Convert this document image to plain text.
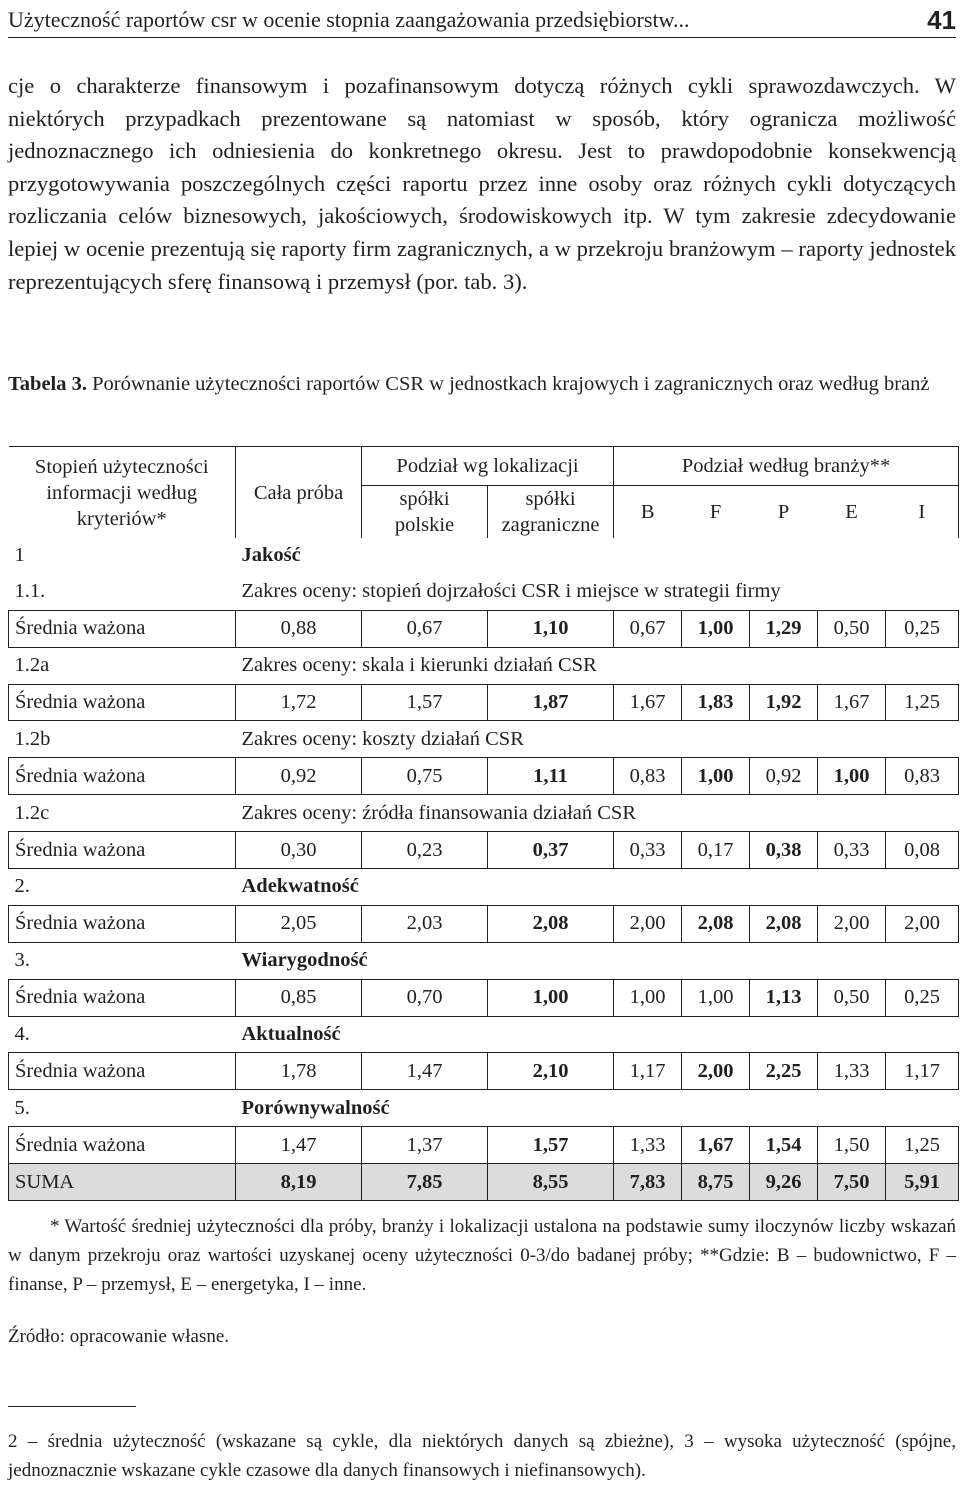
Użyteczność raportów csr w ocenie stopnia zaangażowania przedsiębiorstw...	41

cje o charakterze finansowym i pozafinansowym dotyczą różnych cykli sprawozdawczych. W niektórych przypadkach prezentowane są natomiast w sposób, który ogranicza możliwość jednoznacznego ich odniesienia do konkretnego okresu. Jest to prawdopodobnie konsekwencją przygotowywania poszczególnych części raportu przez inne osoby oraz różnych cykli dotyczących rozliczania celów biznesowych, jakościowych, środowiskowych itp. W tym zakresie zdecydowanie lepiej w ocenie prezentują się raporty firm zagranicznych, a w przekroju branżowym – raporty jednostek reprezentujących sferę finansową i przemysł (por. tab. 3).

Tabela 3. Porównanie użyteczności raportów CSR w jednostkach krajowych i zagranicznych oraz według branż

Stopień użyteczności informacji według kryteriów*	Cała próba	Podział wg lokalizacji		Podział według branży**				
		spółki polskie	spółki zagraniczne	B	F	P	E	I
1	Jakość							
1.1.	Zakres oceny: stopień dojrzałości CSR i miejsce w strategii firmy							
Średnia ważona	0,88	0,67	1,10	0,67	1,00	1,29	0,50	0,25
1.2a	Zakres oceny: skala i kierunki działań CSR							
Średnia ważona	1,72	1,57	1,87	1,67	1,83	1,92	1,67	1,25
1.2b	Zakres oceny: koszty działań CSR							
Średnia ważona	0,92	0,75	1,11	0,83	1,00	0,92	1,00	0,83
1.2c	Zakres oceny: źródła finansowania działań CSR							
Średnia ważona	0,30	0,23	0,37	0,33	0,17	0,38	0,33	0,08
2.	Adekwatność							
Średnia ważona	2,05	2,03	2,08	2,00	2,08	2,08	2,00	2,00
3.	Wiarygodność							
Średnia ważona	0,85	0,70	1,00	1,00	1,00	1,13	0,50	0,25
4.	Aktualność							
Średnia ważona	1,78	1,47	2,10	1,17	2,00	2,25	1,33	1,17
5.	Porównywalność							
Średnia ważona	1,47	1,37	1,57	1,33	1,67	1,54	1,50	1,25
SUMA	8,19	7,85	8,55	7,83	8,75	9,26	7,50	5,91

* Wartość średniej użyteczności dla próby, branży i lokalizacji ustalona na podstawie sumy iloczynów liczby wskazań w danym przekroju oraz wartości uzyskanej oceny użyteczności 0-3/do badanej próby; **Gdzie: B – budownictwo, F – finanse, P – przemysł, E – energetyka, I – inne.

Źródło: opracowanie własne.

2 – średnia użyteczność (wskazane są cykle, dla niektórych danych są zbieżne), 3 – wysoka użyteczność (spójne, jednoznacznie wskazane cykle czasowe dla danych finansowych i niefinansowych).
